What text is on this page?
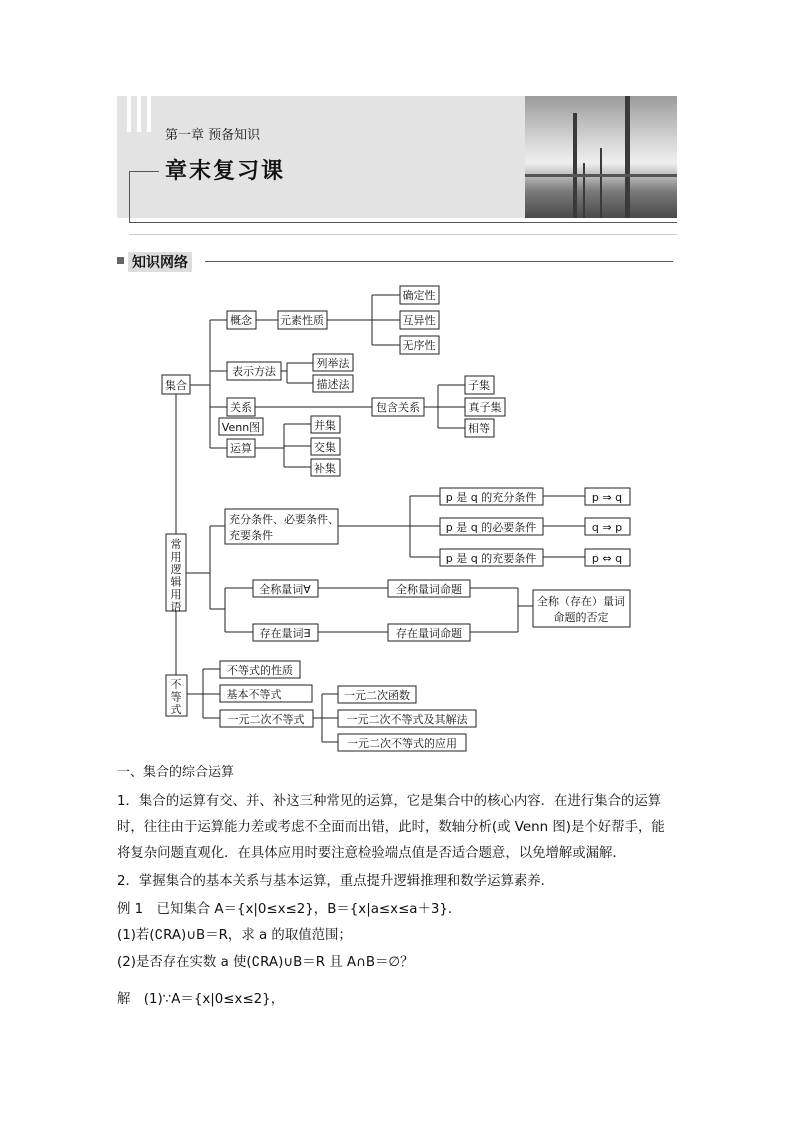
第一章 预备知识
章末复习课
知识网络
集合
概念	元素性质
确定性
互异性
无序性
表示方法
列举法
描述法
关系	包含关系
子集
真子集
相等
Venn图
运算
并集
交集
补集
常用逻辑用语
充分条件、必要条件、
充要条件
p 是 q 的充分条件
p 是 q 的必要条件
p 是 q 的充要条件
p ⇒ q
q ⇒ p
p ⇔ q
全称量词∀	全称量词命题
存在量词∃	存在量词命题
全称（存在）量词
命题的否定
不等式
不等式的性质
基本不等式
一元二次不等式
一元二次函数
一元二次不等式及其解法
一元二次不等式的应用
一、集合的综合运算
1．集合的运算有交、并、补这三种常见的运算，它是集合中的核心内容．在进行集合的运算
时，往往由于运算能力差或考虑不全面而出错，此时，数轴分析(或 Venn 图)是个好帮手，能
将复杂问题直观化．在具体应用时要注意检验端点值是否适合题意，以免增解或漏解．
2．掌握集合的基本关系与基本运算，重点提升逻辑推理和数学运算素养．
例 1　已知集合 A＝{x|0≤x≤2}，B＝{x|a≤x≤a＋3}．
(1)若(∁RA)∪B＝R，求 a 的取值范围；
(2)是否存在实数 a 使(∁RA)∪B＝R 且 A∩B＝∅？
解　(1)∵A＝{x|0≤x≤2}，
